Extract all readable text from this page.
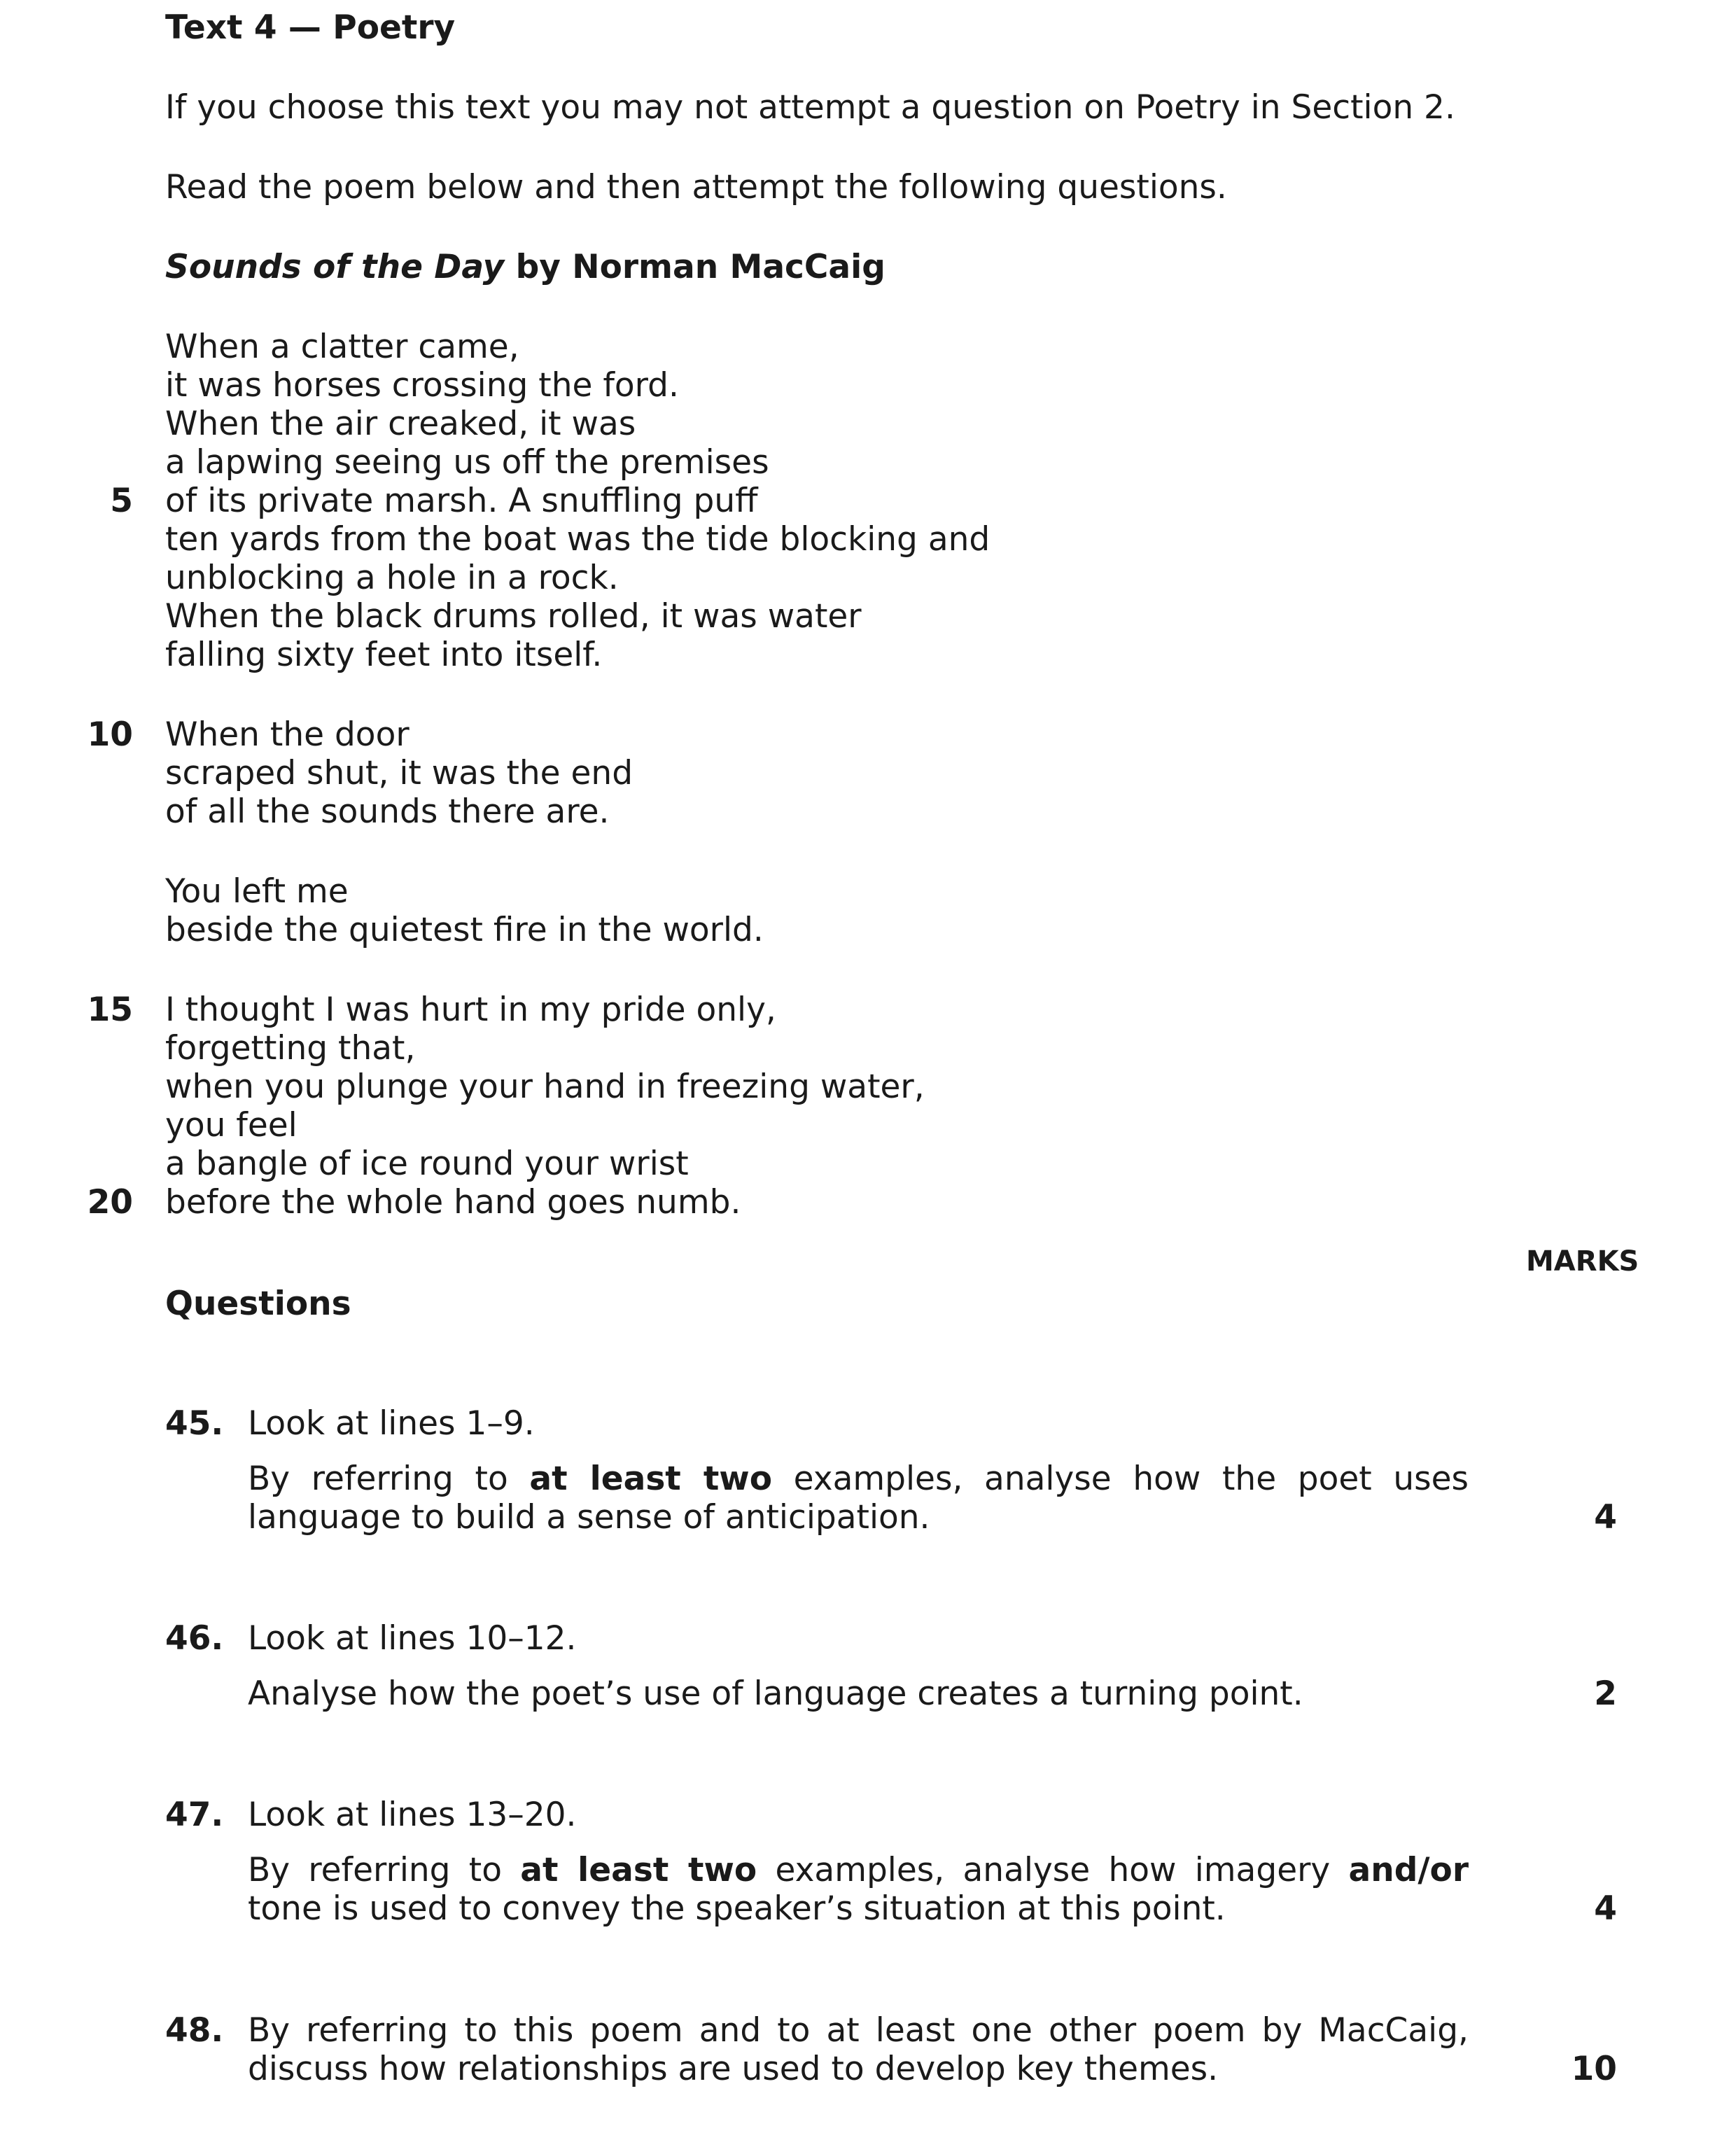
Text 4 — Poetry
If you choose this text you may not attempt a question on Poetry in Section 2.
Read the poem below and then attempt the following questions.
Sounds of the Day by Norman MacCaig
When a clatter came,
it was horses crossing the ford.
When the air creaked, it was
a lapwing seeing us off the premises
of its private marsh. A snuffling puff
ten yards from the boat was the tide blocking and
unblocking a hole in a rock.
When the black drums rolled, it was water
falling sixty feet into itself.
When the door
scraped shut, it was the end
of all the sounds there are.
You left me
beside the quietest fire in the world.
I thought I was hurt in my pride only,
forgetting that,
when you plunge your hand in freezing water,
you feel
a bangle of ice round your wrist
before the whole hand goes numb.
5
10
15
20
MARKS
Questions
45. Look at lines 1–9.
By referring to at least two examples, analyse how the poet uses language to build a sense of anticipation.	4
46. Look at lines 10–12.
Analyse how the poet’s use of language creates a turning point.	2
47. Look at lines 13–20.
By referring to at least two examples, analyse how imagery and/or tone is used to convey the speaker’s situation at this point.	4
48. By referring to this poem and to at least one other poem by MacCaig, discuss how relationships are used to develop key themes.	10
